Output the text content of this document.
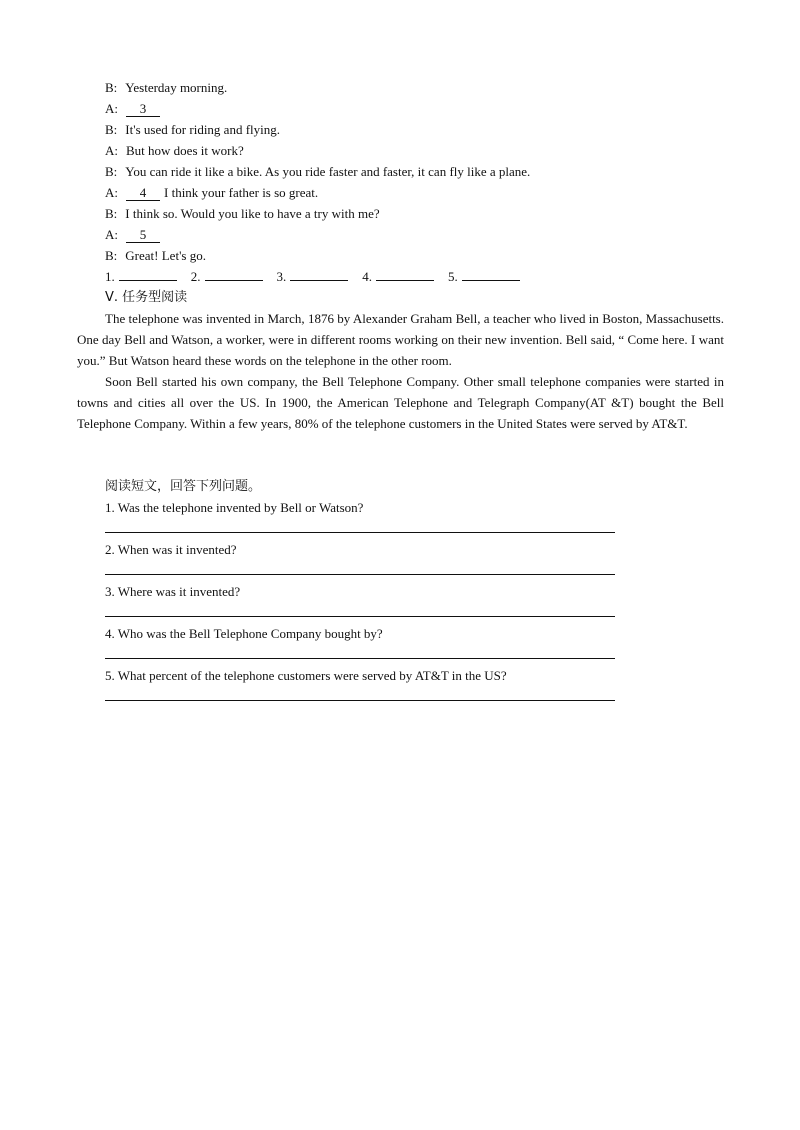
B: Yesterday morning.
A: 3
B: It's used for riding and flying.
A: But how does it work?
B: You can ride it like a bike. As you ride faster and faster, it can fly like a plane.
A: 4 I think your father is so great.
B: I think so. Would you like to have a try with me?
A: 5
B: Great! Let's go.
1.	2.	3.	4.	5.
Ⅴ. 任务型阅读

The telephone was invented in March, 1876 by Alexander Graham Bell, a teacher who lived in Boston, Massachusetts. One day Bell and Watson, a worker, were in different rooms working on their new invention. Bell said, “ Come here. I want you.” But Watson heard these words on the telephone in the other room.

Soon Bell started his own company, the Bell Telephone Company. Other small telephone companies were started in towns and cities all over the US. In 1900, the American Telephone and Telegraph Company(AT &T) bought the Bell Telephone Company. Within a few years, 80% of the telephone customers in the United States were served by AT&T.

阅读短文，回答下列问题。
1. Was the telephone invented by Bell or Watson?
2. When was it invented?
3. Where was it invented?
4. Who was the Bell Telephone Company bought by?
5. What percent of the telephone customers were served by AT&T in the US?
